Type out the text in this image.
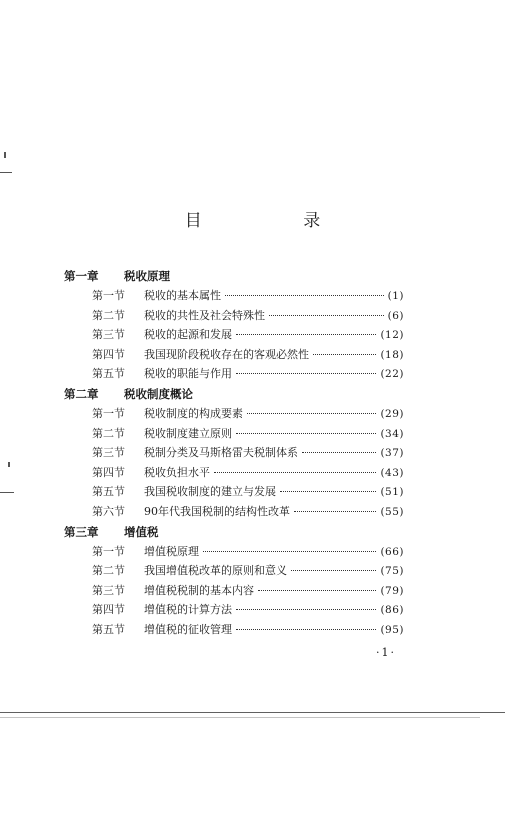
目 录
第一章 税收原理
第一节	税收的基本属性	(1)
第二节	税收的共性及社会特殊性	(6)
第三节	税收的起源和发展	(12)
第四节	我国现阶段税收存在的客观必然性	(18)
第五节	税收的职能与作用	(22)
第二章 税收制度概论
第一节	税收制度的构成要素	(29)
第二节	税收制度建立原则	(34)
第三节	税制分类及马斯格雷夫税制体系	(37)
第四节	税收负担水平	(43)
第五节	我国税收制度的建立与发展	(51)
第六节	90年代我国税制的结构性改革	(55)
第三章 增值税
第一节	增值税原理	(66)
第二节	我国增值税改革的原则和意义	(75)
第三节	增值税税制的基本内容	(79)
第四节	增值税的计算方法	(86)
第五节	增值税的征收管理	(95)
·1·
